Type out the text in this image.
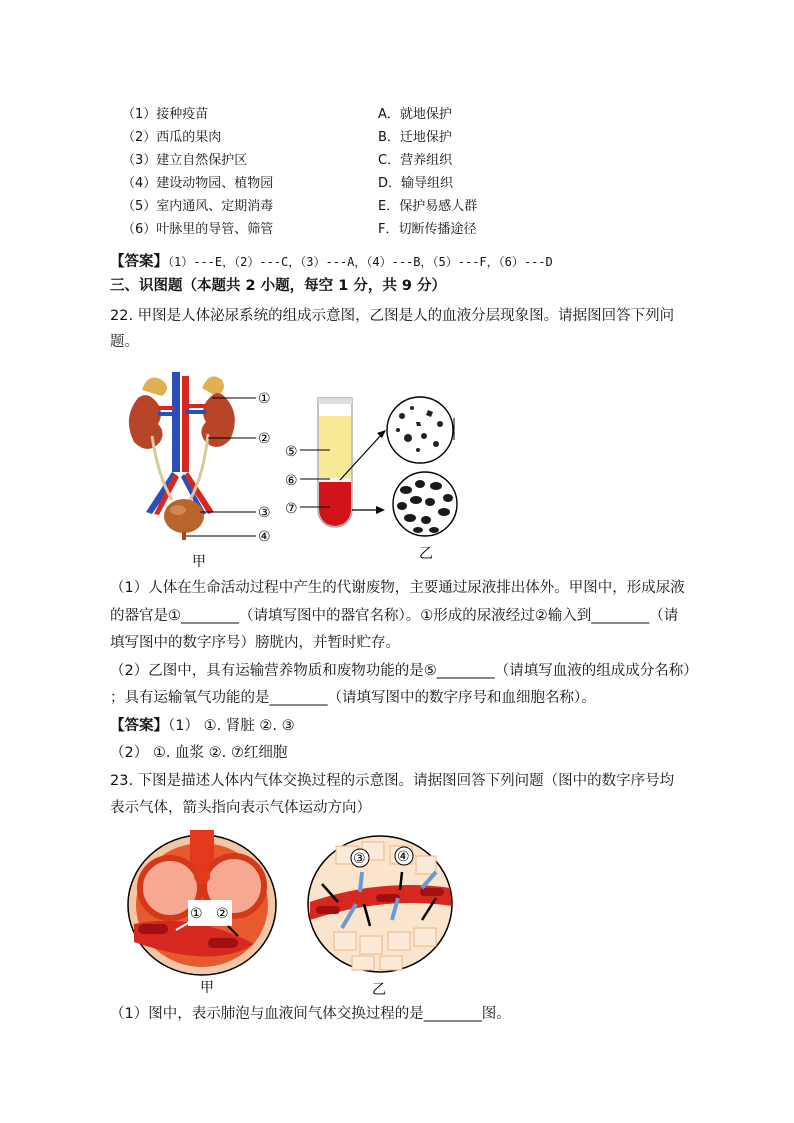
（1）接种疫苗
（2）西瓜的果肉
（3）建立自然保护区
（4）建设动物园、植物园
（5）室内通风、定期消毒
（6）叶脉里的导管、筛管
A．就地保护
B．迁地保护
C．营养组织
D．输导组织
E．保护易感人群
F．切断传播途径
【答案】（1）---E，（2）---C，（3）---A，（4）---B，（5）---F，（6）---D
三、识图题（本题共 2 小题，每空 1 分，共 9 分）
22. 甲图是人体泌尿系统的组成示意图，乙图是人的血液分层现象图。请据图回答下列问
题。
①
②
③
④
甲
⑤
⑥
⑦
乙
（1）人体在生命活动过程中产生的代谢废物，主要通过尿液排出体外。甲图中，形成尿液
的器官是①________（请填写图中的器官名称）。①形成的尿液经过②输入到________（请
填写图中的数字序号）膀胱内，并暂时贮存。
（2）乙图中，具有运输营养物质和废物功能的是⑤________（请填写血液的组成成分名称）
；具有运输氧气功能的是________（请填写图中的数字序号和血细胞名称）。
【答案】（1） ①. 肾脏 ②. ③
（2） ①. 血浆 ②. ⑦红细胞
23. 下图是描述人体内气体交换过程的示意图。请据图回答下列问题（图中的数字序号均
表示气体，箭头指向表示气体运动方向）
① ②
甲
③ ④
乙
（1）图中，表示肺泡与血液间气体交换过程的是________图。
